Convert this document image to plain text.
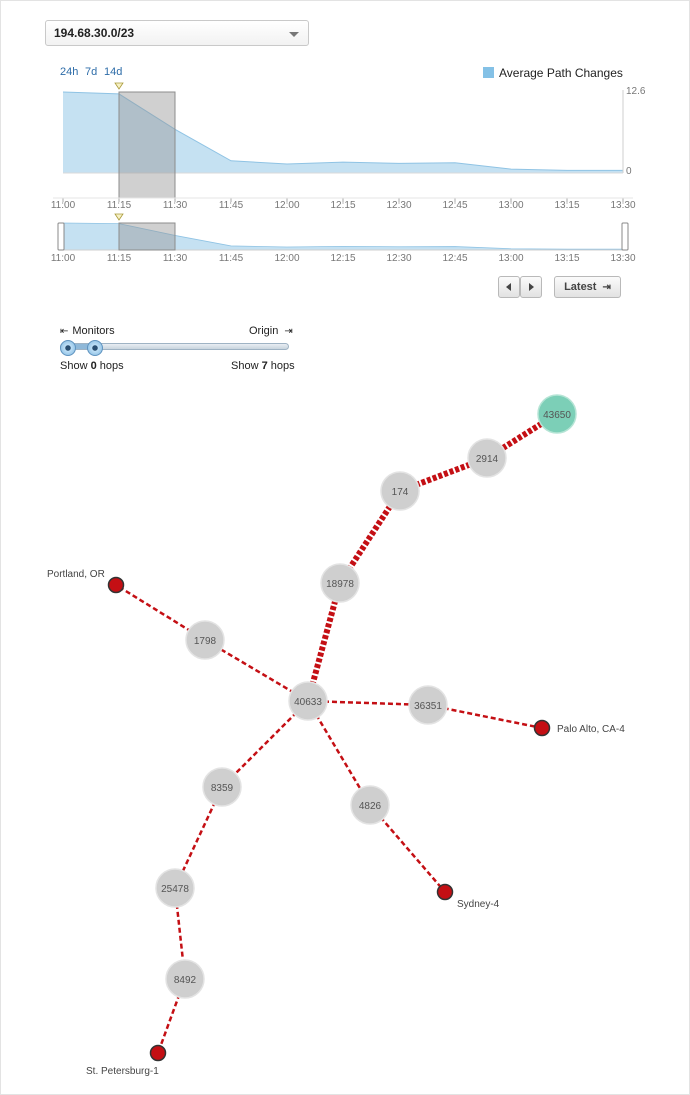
194.68.30.0/23
24h 7d 14d	Average Path Changes
12.6
0
11:00	11:15	11:30	11:45	12:00	12:15	12:30	12:45	13:00	13:15	13:30
11:00	11:15	11:30	11:45	12:00	12:15	12:30	12:45	13:00	13:15	13:30
Latest ⇥
⇤ Monitors	Origin ⇥
Show 0 hops	Show 7 hops
43650
2914
174
18978
1798
40633	36351
8359
4826
25478
8492
Portland, OR
Palo Alto, CA-4
Sydney-4
St. Petersburg-1
